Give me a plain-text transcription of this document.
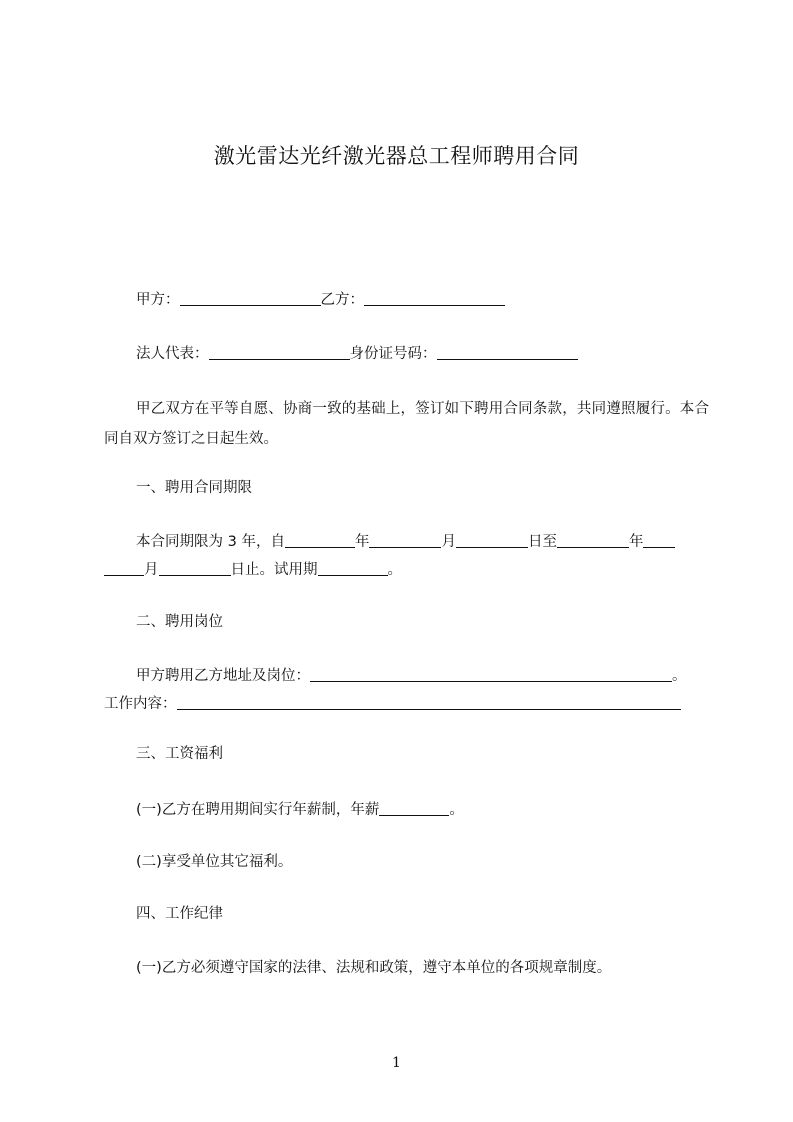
激光雷达光纤激光器总工程师聘用合同

甲方：	乙方：

法人代表：	身份证号码：

甲乙双方在平等自愿、协商一致的基础上，签订如下聘用合同条款，共同遵照履行。本合同自双方签订之日起生效。

一、聘用合同期限

本合同期限为 3 年，自	年	月	日至	年

月	日止。试用期	。

二、聘用岗位

甲方聘用乙方地址及岗位：	。

工作内容：

三、工资福利

(一)乙方在聘用期间实行年薪制，年薪	。

(二)享受单位其它福利。

四、工作纪律

(一)乙方必须遵守国家的法律、法规和政策，遵守本单位的各项规章制度。

1
